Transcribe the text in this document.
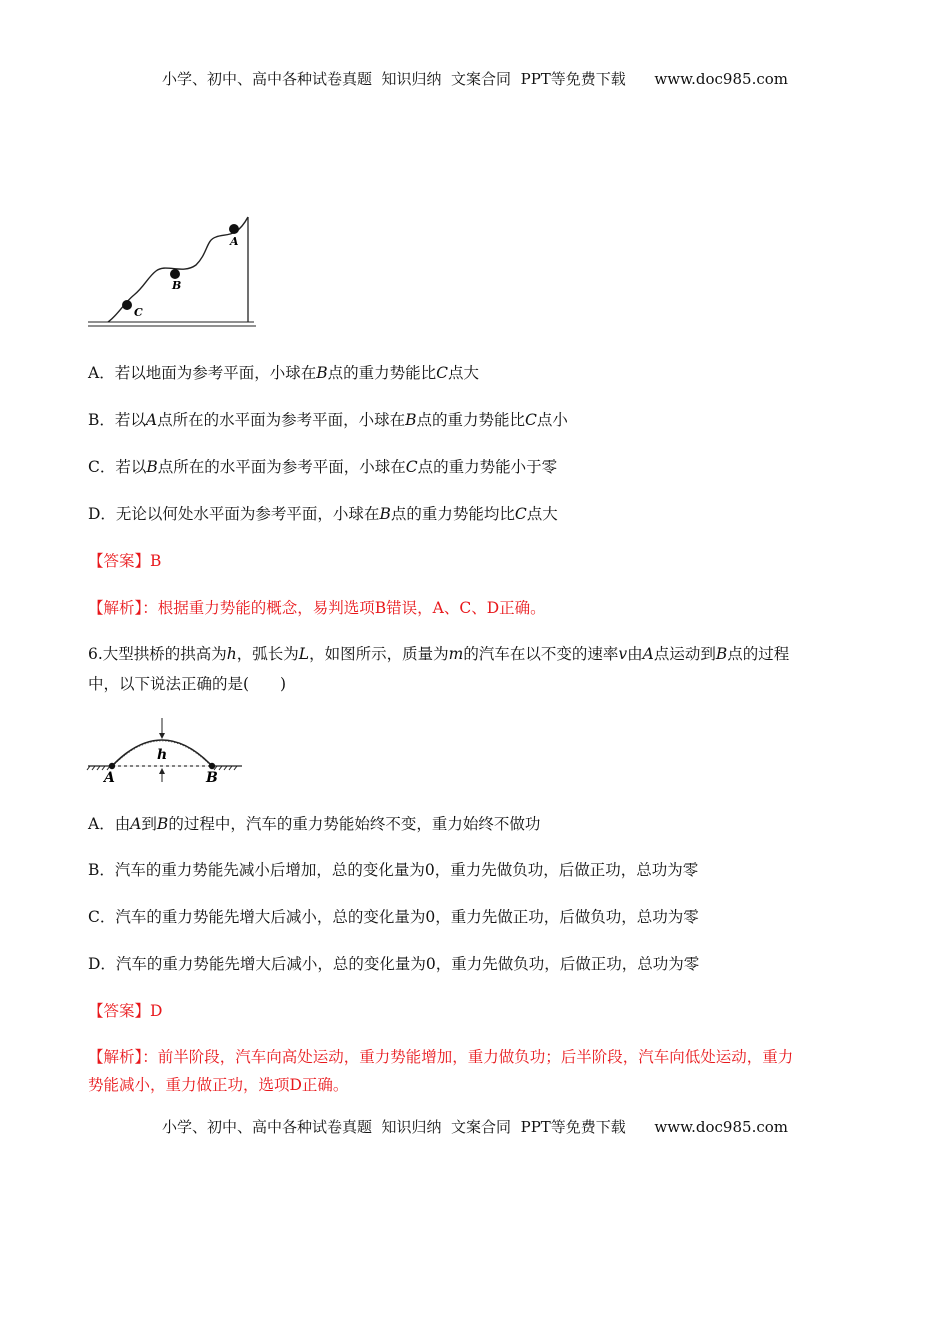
小学、初中、高中各种试卷真题  知识归纳  文案合同  PPT等免费下载      www.doc985.com
C
B
A
A．若以地面为参考平面，小球在B点的重力势能比C点大
B．若以A点所在的水平面为参考平面，小球在B点的重力势能比C点小
C．若以B点所在的水平面为参考平面，小球在C点的重力势能小于零
D．无论以何处水平面为参考平面，小球在B点的重力势能均比C点大
【答案】B
【解析】：根据重力势能的概念，易判选项B错误，A、C、D正确。
6.大型拱桥的拱高为h，弧长为L，如图所示，质量为m的汽车在以不变的速率v由A点运动到B点的过程
中，以下说法正确的是(　　)
h
A	B
A．由A到B的过程中，汽车的重力势能始终不变，重力始终不做功
B．汽车的重力势能先减小后增加，总的变化量为0，重力先做负功，后做正功，总功为零
C．汽车的重力势能先增大后减小，总的变化量为0，重力先做正功，后做负功，总功为零
D．汽车的重力势能先增大后减小，总的变化量为0，重力先做负功，后做正功，总功为零
【答案】D
【解析】：前半阶段，汽车向高处运动，重力势能增加，重力做负功；后半阶段，汽车向低处运动，重力
势能减小，重力做正功，选项D正确。
小学、初中、高中各种试卷真题  知识归纳  文案合同  PPT等免费下载      www.doc985.com
